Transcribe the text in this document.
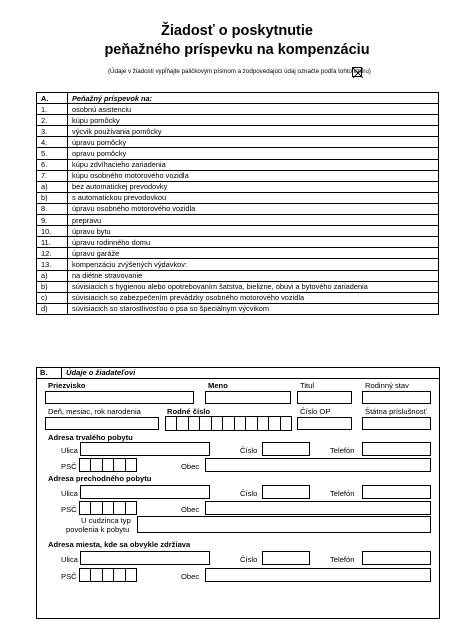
Žiadosť o poskytnutie
peňažného príspevku na kompenzáciu
(Údaje v žiadosti vypĺňajte paličkovým písmom a zodpovedajúci údaj označte podľa tohto vzoru)
A.	Peňažný príspevok na:
1.	osobnú asistenciu
2.	kúpu pomôcky
3.	výcvik používania pomôcky
4.	úpravu pomôcky
5.	opravu pomôcky
6.	kúpu zdvíhacieho zariadenia
7.	kúpu osobného motorového vozidla
a)	bez automatickej prevodovky
b)	s automatickou prevodovkou
8.	úpravu osobného motorového vozidla
9.	prepravu
10.	úpravu bytu
11.	úpravu rodinného domu
12.	úpravu garáže
13.	kompenzáciu zvýšených výdavkov:
a)	na diétne stravovanie
b)	súvisiacich s hygienou alebo opotrebovaním šatstva, bielizne, obuvi a bytového zariadenia
c)	súvisiacich so zabezpečením prevádzky osobného motorového vozidla
d)	súvisiacich so starostlivosťou o psa so špeciálnym výcvikom
B.	Údaje o žiadateľovi
Priezvisko	Meno	Titul	Rodinný stav
Deň, mesiac, rok narodenia	Rodné číslo	Číslo OP	Štátna príslušnosť
Adresa trvalého pobytu
Ulica	Číslo	Telefón
PSČ	Obec
Adresa prechodného pobytu
Ulica	Číslo	Telefón
PSČ	Obec
U cudzinca typ
povolenia k pobytu
Adresa miesta, kde sa obvykle zdržiava
Ulica	Číslo	Telefón
PSČ	Obec
